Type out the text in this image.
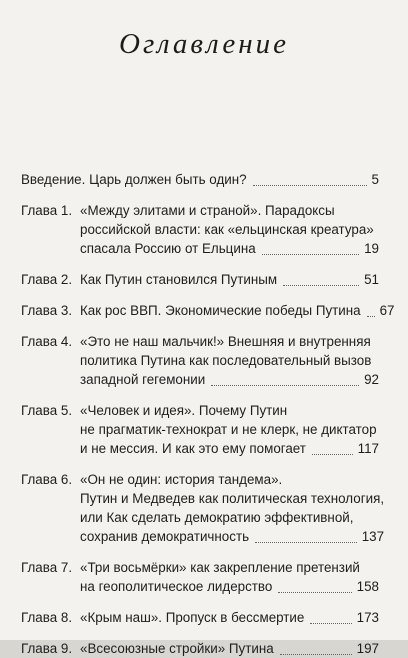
Оглавление
Введение. Царь должен быть один?	5
Глава 1. «Между элитами и страной». Парадоксы
российской власти: как «ельцинская креатура»
спасала Россию от Ельцина	19
Глава 2. Как Путин становился Путиным	51
Глава 3. Как рос ВВП. Экономические победы Путина 67
Глава 4. «Это не наш мальчик!» Внешняя и внутренняя
политика Путина как последовательный вызов
западной гегемонии	92
Глава 5. «Человек и идея». Почему Путин
не прагматик-технократ и не клерк, не диктатор
и не мессия. И как это ему помогает	117
Глава 6. «Он не один: история тандема».
Путин и Медведев как политическая технология,
или Как сделать демократию эффективной,
сохранив демократичность	137
Глава 7. «Три восьмёрки» как закрепление претензий
на геополитическое лидерство	158
Глава 8. «Крым наш». Пропуск в бессмертие	173
Глава 9. «Всесоюзные стройки» Путина	197
